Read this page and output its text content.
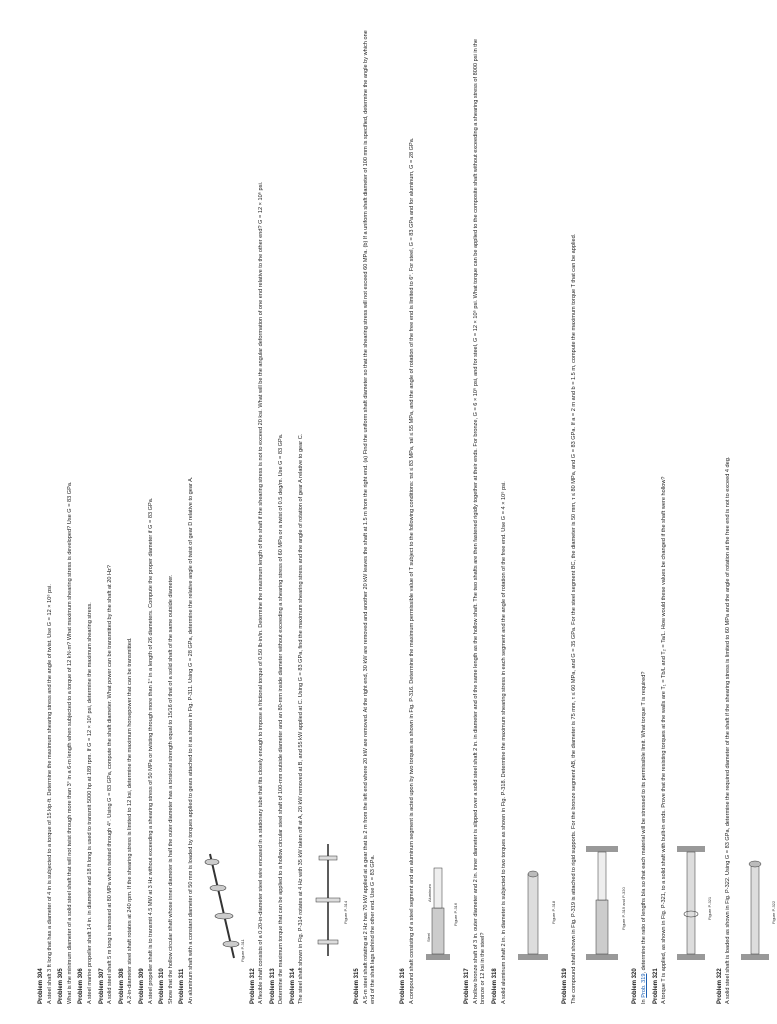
Problem 304 A steel shaft 3 ft long that has a diameter of 4 in is subjected to a torque of 15 kip·ft. Determine the maximum shearing stress and the angle of twist. Use G = 12 × 10⁶ psi. Problem 305 What is the minimum diameter of a solid steel shaft that will not twist through more than 3° in a 6-m length when subjected to a torque of 12 kN·m? What maximum shearing stress is developed? Use G = 83 GPa. Problem 306 A steel marine propeller shaft 14 in. in diameter and 18 ft long is used to transmit 5000 hp at 189 rpm. If G = 12 × 10⁶ psi, determine the maximum shearing stress. Problem 307 A solid steel shaft 5 m long is stressed at 80 MPa when twisted through 4°. Using G = 83 GPa, compute the shaft diameter. What power can be transmitted by the shaft at 20 Hz? Problem 308 A 2-in-diameter steel shaft rotates at 240 rpm. If the shearing stress is limited to 12 ksi, determine the maximum horsepower that can be transmitted. Problem 309 A steel propeller shaft is to transmit 4.5 MW at 3 Hz without exceeding a shearing stress of 50 MPa or twisting through more than 1° in a length of 26 diameters. Compute the proper diameter if G = 83 GPa. Problem 310 Show that the hollow circular shaft whose inner diameter is half the outer diameter has a torsional strength equal to 15/16 of that of a solid shaft of the same outside diameter. Problem 311 An aluminum shaft with a constant diameter of 50 mm is loaded by torques applied to gears attached to it as shown in Fig. P-311. Using G = 28 GPa, determine the relative angle of twist of gear D relative to gear A.	Figure P-311
Problem 312 A flexible shaft consists of a 0.20-in-diameter steel wire encased in a stationary tube that fits closely enough to impose a frictional torque of 0.50 lb·in/in. Determine the maximum length of the shaft if the shearing stress is not to exceed 20 ksi. What will be the angular deformation of one end relative to the other end? G = 12 × 10⁶ psi. Problem 313 Determine the maximum torque that can be applied to a hollow circular steel shaft of 100-mm outside diameter and an 80-mm inside diameter without exceeding a shearing stress of 60 MPa or a twist of 0.5 deg/m. Use G = 83 GPa. Problem 314 The steel shaft shown in Fig. P-314 rotates at 4 Hz with 35 kW taken off at A, 20 kW removed at B, and 55 kW applied at C. Using G = 83 GPa, find the maximum shearing stress and the angle of rotation of gear A relative to gear C.	Figure P-314
Problem 315 A 5-m steel shaft rotating at 2 Hz has 70 kW applied at a gear that is 2 m from the left end where 20 kW are removed. At the right end, 30 kW are removed and another 20 kW leaves the shaft at 1.5 m from the right end. (a) Find the uniform shaft diameter so that the shearing stress will not exceed 60 MPa. (b) If a uniform shaft diameter of 100 mm is specified, determine the angle by which one end of the shaft lags behind the other end. Use G = 83 GPa.	Problem 316 A compound shaft consisting of a steel segment and an aluminum segment is acted upon by two torques as shown in Fig. P-316. Determine the maximum permissible value of T subject to the following conditions: τst ≤ 83 MPa, τal ≤ 55 MPa, and the angle of rotation of the free end is limited to 6°. For steel, G = 83 GPa and for aluminum, G = 28 GPa.	Steel
Aluminum
Figure P-316
Problem 317 A hollow bronze shaft of 3 in. outer diameter and 2 in. inner diameter is slipped over a solid steel shaft 2 in. in diameter and of the same length as the hollow shaft. The two shafts are then fastened rigidly together at their ends. For bronze, G = 6 × 10⁶ psi, and for steel, G = 12 × 10⁶ psi. What torque can be applied to the composite shaft without exceeding a shearing stress of 8000 psi in the bronze or 12 ksi in the steel? Problem 318 A solid aluminum shaft 2 in. in diameter is subjected to two torques as shown in Fig. P-318. Determine the maximum shearing stress in each segment and the angle of rotation of the free end. Use G = 4 × 10⁶ psi.	Figure P-318
Problem 319 The compound shaft shown in Fig. P-319 is attached to rigid supports. For the bronze segment AB, the diameter is 75 mm, τ ≤ 60 MPa, and G = 35 GPa. For the steel segment BC, the diameter is 50 mm, τ ≤ 80 MPa, and G = 83 GPa. If a = 2 m and b = 1.5 m, compute the maximum torque T that can be applied.	Figure P-319 and P-320
Problem 320 In Prob. 319, determine the ratio of lengths b/a so that each material will be stressed to its permissible limit. What torque T is required?

Problem 321 A torque T is applied, as shown in Fig. P-321, to a solid shaft with built-in ends. Prove that the resisting torques at the walls are T₁ = Tb/L and T₂ = Ta/L. How would these values be changed if the shaft were hollow?	Figure P-321
Problem 322 A solid steel shaft is loaded as shown in Fig. P-322. Using G = 83 GPa, determine the required diameter of the shaft if the shearing stress is limited to 60 MPa and the angle of rotation at the free end is not to exceed 4 deg.	Figure P-322
